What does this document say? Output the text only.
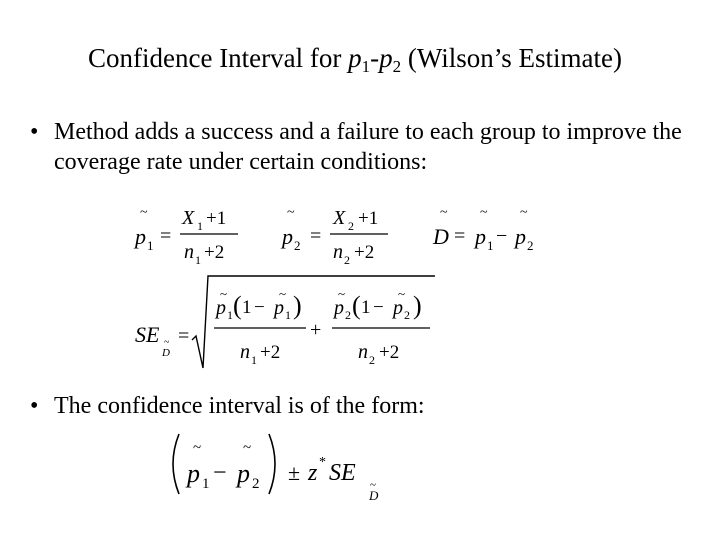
Confidence Interval for $p_1-p_2$ (Wilson’s Estimate)
• Method adds a success and a failure to each group to improve the coverage rate under certain conditions:
~
p 1 =
X 1 +1
n 1 +2
~
p 2 =
X 2 +1
n 2 +2
~
D =
~
p 1 −
~
p 2
SE
D
~ =
~
p 1 ( 1 −
~
p 1 )
n 1 +2
+
~
p 2 ( 1 −
~
p 2 )
n 2 +2
• The confidence interval is of the form:
~
p 1 −
~
p 2 ± z * SE ~
D
